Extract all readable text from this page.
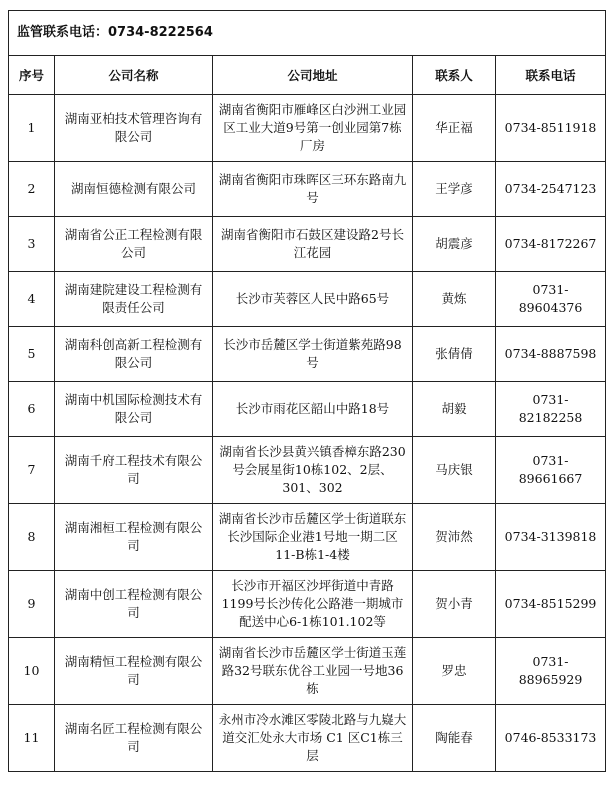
监管联系电话：0734-8222564				
序号	公司名称	公司地址	联系人	联系电话
1	湖南亚柏技术管理咨询有限公司	湖南省衡阳市雁峰区白沙洲工业园区工业大道9号第一创业园第7栋厂房	华正福	0734-8511918
2	湖南恒德检测有限公司	湖南省衡阳市珠晖区三环东路南九号	王学彦	0734-2547123
3	湖南省公正工程检测有限公司	湖南省衡阳市石鼓区建设路2号长江花园	胡震彦	0734-8172267
4	湖南建院建设工程检测有限责任公司	长沙市芙蓉区人民中路65号	黄炼	0731-89604376
5	湖南科创高新工程检测有限公司	长沙市岳麓区学士街道紫苑路98号	张倩倩	0734-8887598
6	湖南中机国际检测技术有限公司	长沙市雨花区韶山中路18号	胡毅	0731-82182258
7	湖南千府工程技术有限公司	湖南省长沙县黄兴镇香樟东路230号会展星街10栋102、2层、301、302	马庆银	0731-89661667
8	湖南湘桓工程检测有限公司	湖南省长沙市岳麓区学士街道联东长沙国际企业港1号地一期二区11-B栋1-4楼	贺沛然	0734-3139818
9	湖南中创工程检测有限公司	长沙市开福区沙坪街道中青路1199号长沙传化公路港一期城市配送中心6-1栋101.102等	贺小青	0734-8515299
10	湖南精恒工程检测有限公司	湖南省长沙市岳麓区学士街道玉莲路32号联东优谷工业园一号地36栋	罗忠	0731-88965929
11	湖南名匠工程检测有限公司	永州市冷水滩区零陵北路与九嶷大道交汇处永大市场 C1 区C1栋三层	陶能春	0746-8533173
